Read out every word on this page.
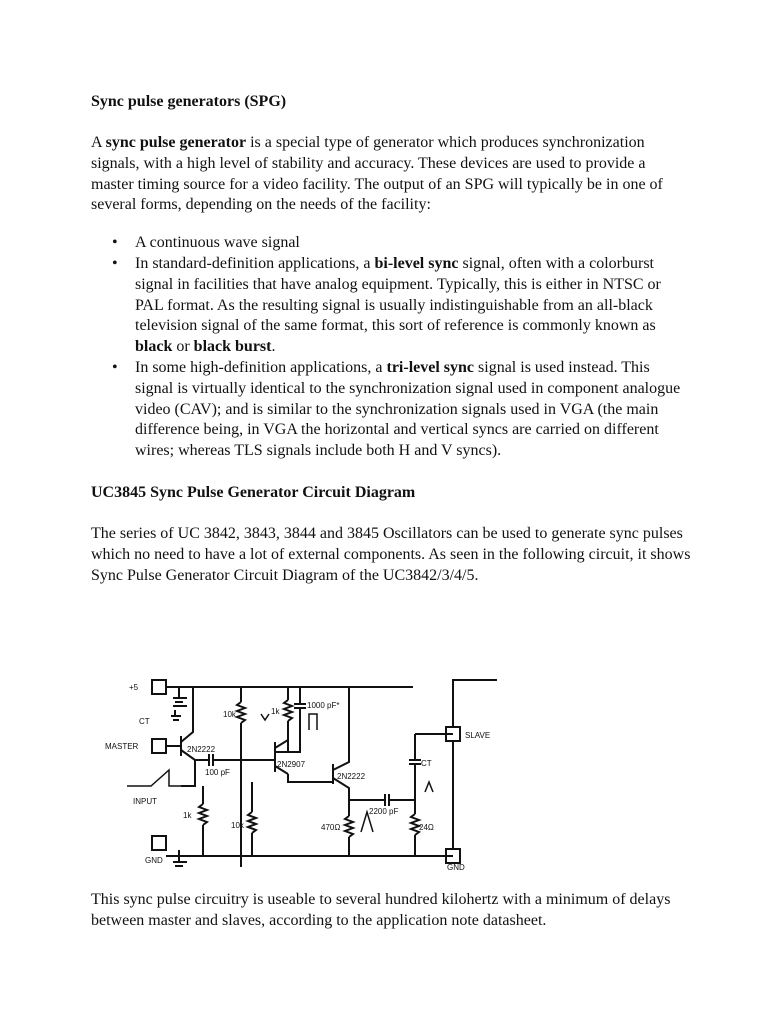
Sync pulse generators (SPG)

A sync pulse generator is a special type of generator which produces synchronization signals, with a high level of stability and accuracy. These devices are used to provide a master timing source for a video facility. The output of an SPG will typically be in one of several forms, depending on the needs of the facility:

• A continuous wave signal
• In standard-definition applications, a bi-level sync signal, often with a colorburst signal in facilities that have analog equipment. Typically, this is either in NTSC or PAL format. As the resulting signal is usually indistinguishable from an all-black television signal of the same format, this sort of reference is commonly known as black or black burst.
• In some high-definition applications, a tri-level sync signal is used instead. This signal is virtually identical to the synchronization signal used in component analogue video (CAV); and is similar to the synchronization signals used in VGA (the main difference being, in VGA the horizontal and vertical syncs are carried on different wires; whereas TLS signals include both H and V syncs).
UC3845 Sync Pulse Generator Circuit Diagram

The series of UC 3842, 3843, 3844 and 3845 Oscillators can be used to generate sync pulses which no need to have a lot of external components. As seen in the following circuit, it shows Sync Pulse Generator Circuit Diagram of the UC3842/3/4/5.

+5
CT
MASTER
INPUT
GND
10k	1k
1000 pF*
2N2222
100 pF
2N2907
2N2222
1k
10k	470Ω
2200 pF
24Ω
CT
SLAVE
GND

This sync pulse circuitry is useable to several hundred kilohertz with a minimum of delays between master and slaves, according to the application note datasheet.
